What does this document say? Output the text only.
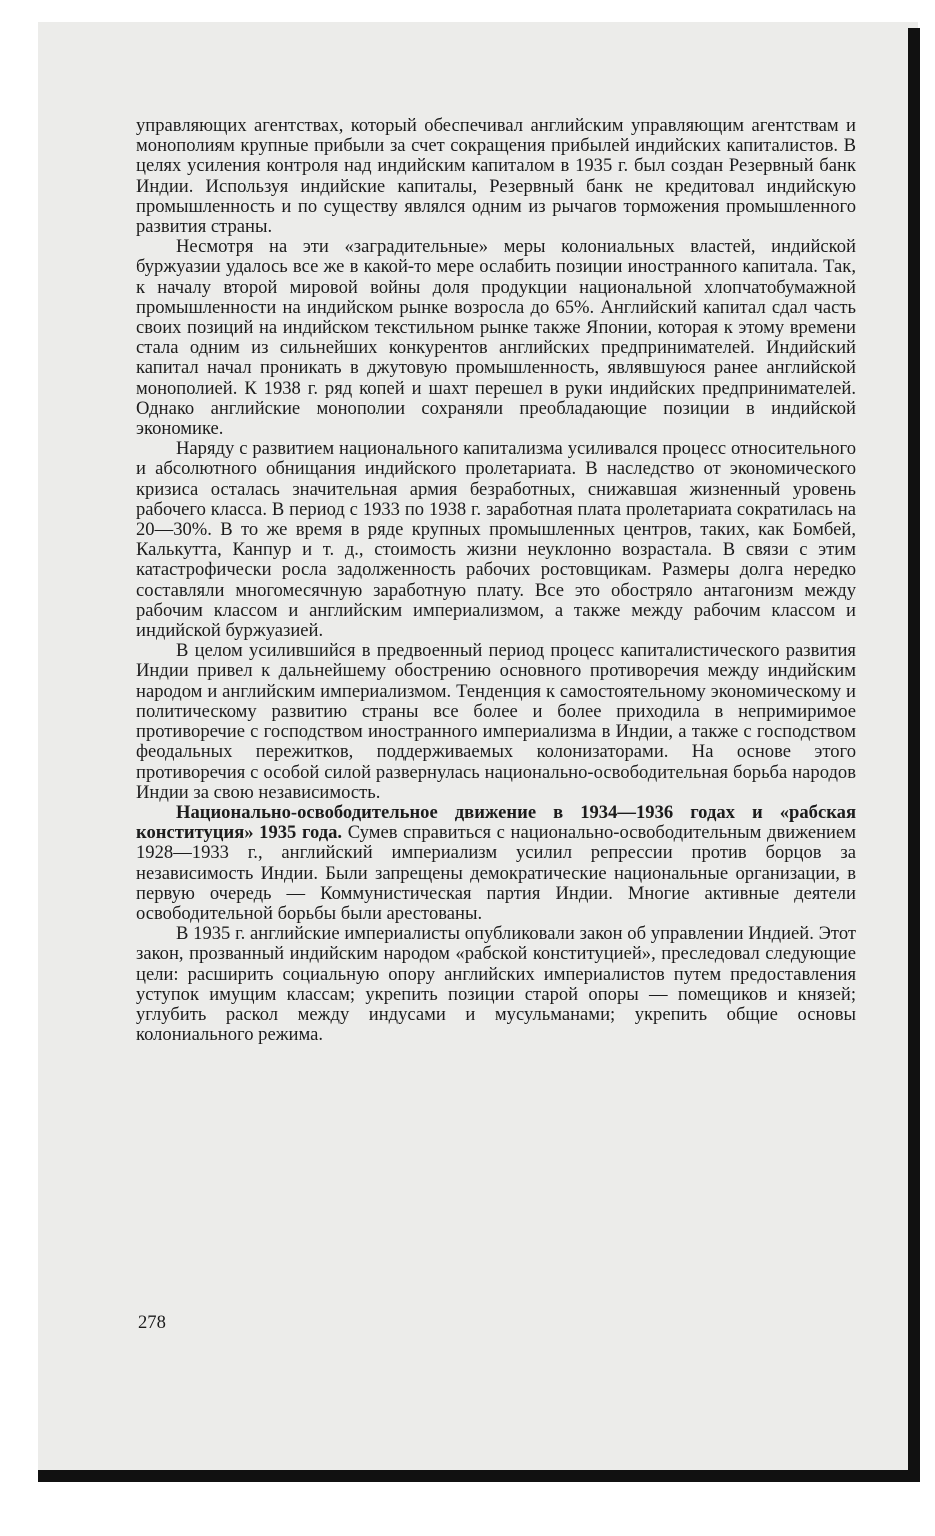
управляющих агентствах, который обеспечивал английским управляющим агентствам и монополиям крупные прибыли за счет сокращения прибылей индийских капиталистов. В целях усиления контроля над индийским капиталом в 1935 г. был создан Резервный банк Индии. Используя индийские капиталы, Резервный банк не кредитовал индийскую промышленность и по существу являлся одним из рычагов торможения промышленного развития страны.

Несмотря на эти «заградительные» меры колониальных властей, индийской буржуазии удалось все же в какой-то мере ослабить позиции иностранного капитала. Так, к началу второй мировой войны доля продукции национальной хлопчатобумажной промышленности на индийском рынке возросла до 65%. Английский капитал сдал часть своих позиций на индийском текстильном рынке также Японии, которая к этому времени стала одним из сильнейших конкурентов английских предпринимателей. Индийский капитал начал проникать в джутовую промышленность, являвшуюся ранее английской монополией. К 1938 г. ряд копей и шахт перешел в руки индийских предпринимателей. Однако английские монополии сохраняли преобладающие позиции в индийской экономике.

Наряду с развитием национального капитализма усиливался процесс относительного и абсолютного обнищания индийского пролетариата. В наследство от экономического кризиса осталась значительная армия безработных, снижавшая жизненный уровень рабочего класса. В период с 1933 по 1938 г. заработная плата пролетариата сократилась на 20—30%. В то же время в ряде крупных промышленных центров, таких, как Бомбей, Калькутта, Канпур и т. д., стоимость жизни неуклонно возрастала. В связи с этим катастрофически росла задолженность рабочих ростовщикам. Размеры долга нередко составляли многомесячную заработную плату. Все это обостряло антагонизм между рабочим классом и английским империализмом, а также между рабочим классом и индийской буржуазией.

В целом усилившийся в предвоенный период процесс капиталистического развития Индии привел к дальнейшему обострению основного противоречия между индийским народом и английским империализмом. Тенденция к самостоятельному экономическому и политическому развитию страны все более и более приходила в непримиримое противоречие с господством иностранного империализма в Индии, а также с господством феодальных пережитков, поддерживаемых колонизаторами. На основе этого противоречия с особой силой развернулась национально-освободительная борьба народов Индии за свою независимость.

Национально-освободительное движение в 1934—1936 годах и «рабская конституция» 1935 года. Сумев справиться с национально-освободительным движением 1928—1933 г., английский империализм усилил репрессии против борцов за независимость Индии. Были запрещены демократические национальные организации, в первую очередь — Коммунистическая партия Индии. Многие активные деятели освободительной борьбы были арестованы.

В 1935 г. английские империалисты опубликовали закон об управлении Индией. Этот закон, прозванный индийским народом «рабской конституцией», преследовал следующие цели: расширить социальную опору английских империалистов путем предоставления уступок имущим классам; укрепить позиции старой опоры — помещиков и князей; углубить раскол между индусами и мусульманами; укрепить общие основы колониального режима.

278
